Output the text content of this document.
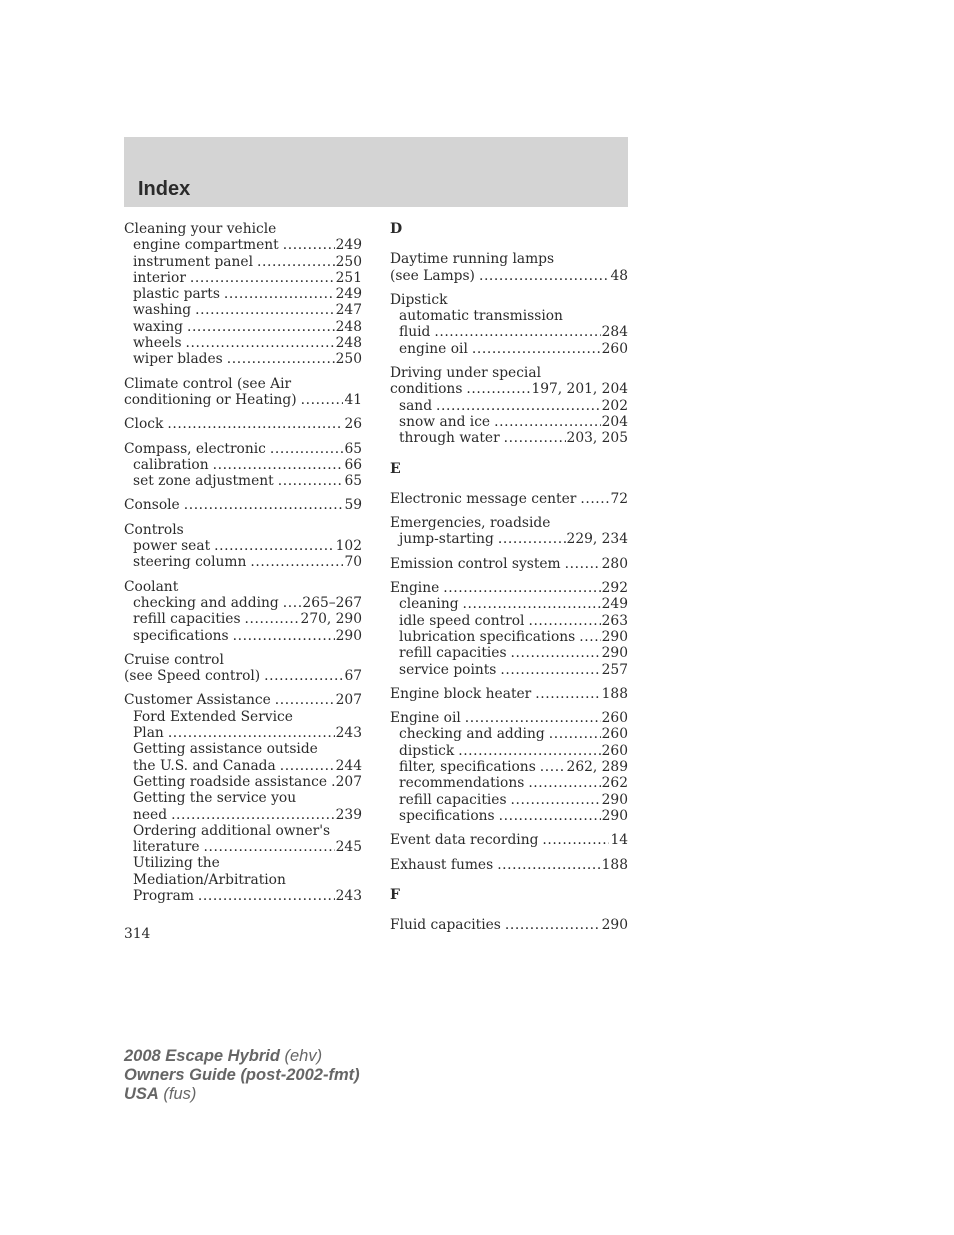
Index
Cleaning your vehicle
engine compartment .....	249
instrument panel .....	250
interior .....	251
plastic parts .....	249
washing .....	247
waxing .....	248
wheels .....	248
wiper blades .....	250
Climate control (see Air
conditioning or Heating) .....	41
Clock .....	26
Compass, electronic .....	65
calibration .....	66
set zone adjustment .....	65
Console .....	59
Controls
power seat .....	102
steering column .....	70
Coolant
checking and adding ..... 265–267
refill capacities .....	270, 290
specifications .....	290
Cruise control
(see Speed control) .....	67
Customer Assistance .....	207
Ford Extended Service
Plan .....	243
Getting assistance outside
the U.S. and Canada .....	244
Getting roadside assistance ..... 207
Getting the service you
need .....	239
Ordering additional owner's
literature .....	245
Utilizing the
Mediation/Arbitration
Program .....	243
D
Daytime running lamps
(see Lamps) .....	48
Dipstick
automatic transmission
fluid .....	284
engine oil .....	260
Driving under special
conditions .....	197, 201, 204
sand .....	202
snow and ice .....	204
through water .....	203, 205
E
Electronic message center ..... 72
Emergencies, roadside
jump-starting .....	229, 234
Emission control system .....	280
Engine .....	292
cleaning .....	249
idle speed control .....	263
lubrication specifications ..... 290
refill capacities .....	290
service points .....	257
Engine block heater .....	188
Engine oil .....	260
checking and adding .....	260
dipstick .....	260
filter, specifications ..... 262, 289
recommendations .....	262
refill capacities .....	290
specifications .....	290
Event data recording .....	14
Exhaust fumes .....	188
F
Fluid capacities .....	290
314
2008 Escape Hybrid (ehv)
Owners Guide (post-2002-fmt)
USA (fus)
